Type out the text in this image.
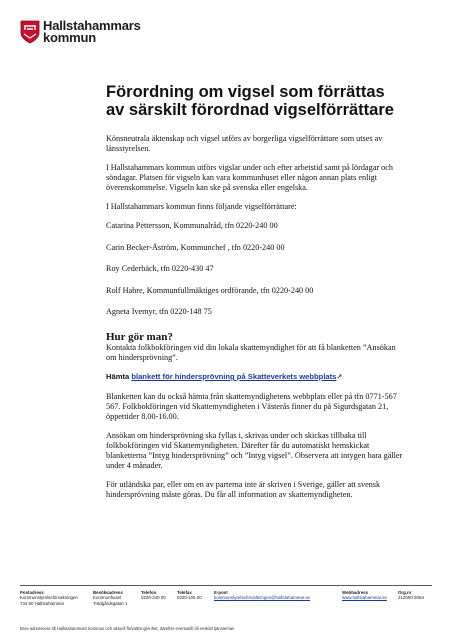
Hallstahammars
kommun
Förordning om vigsel som förrättas av särskilt förordnad vigselförrättare

Könsneutrala äktenskap och vigsel utförs av borgerliga vigselförrättare som utses av länsstyrelsen.

I Hallstahammars kommun utförs vigslar under och efter arbetstid samt på lördagar och söndagar. Platsen för vigseln kan vara kommunhuset eller någon annan plats enligt överenskommelse. Vigseln kan ske på svenska eller engelska.

I Hallstahammars kommun finns följande vigselförrättare:

Catarina Pettersson, Kommunalråd, tfn 0220-240 00

Carin Becker-Åström, Kommunchef , tfn 0220-240 00

Roy Cederbäck, tfn 0220-430 47

Rolf Hahre, Kommunfullmäktiges ordförande, tfn 0220-240 00

Agneta Ivemyr, tfn 0220-148 75

Hur gör man?

Kontakta folkbokföringen vid din lokala skattemyndighet för att få blanketten ”Ansökan om hindersprövning”.

Hämta blankett för hindersprövning på Skatteverkets webbplats↗

Blanketten kan du också hämta från skattemyndighetens webbplats eller på tfn 0771-567 567. Folkbokföringen vid Skattemyndigheten i Västerås finner du på Sigurdsgatan 21, öppettider 8.00-16.00.

Ansökan om hindersprövning ska fyllas i, skrivas under och skickas tillbaka till folkbokföringen vid Skattemyndigheten. Därefter får du automatiskt hemskickat blanketterna ”Intyg hindersprövning” och ”Intyg vigsel”. Observera att intygen bara gäller under 4 månader.

För utländska par, eller om en av parterna inte är skriven i Sverige, gäller att svensk hindersprövning måste göras. Du får all information av skattemyndigheten.

Postadress
Kommunstyrelseförvaltningen
734 80 Hallstahammar
Besöksadress
Kommunhuset
Trädgårdsgatan 1
Telefon
0220-240 00
Telefax
0220-105 00
E-post
kommunstyrelseforvaltningen@hallstahammar.se
Webbadress
www.hallstahammar.se
Org.nr
212000-2064
Brev adresseras till Hallstahammars kommun och aktuell förvaltning/enhet, därefter eventuellt till enskild tjänsteman
